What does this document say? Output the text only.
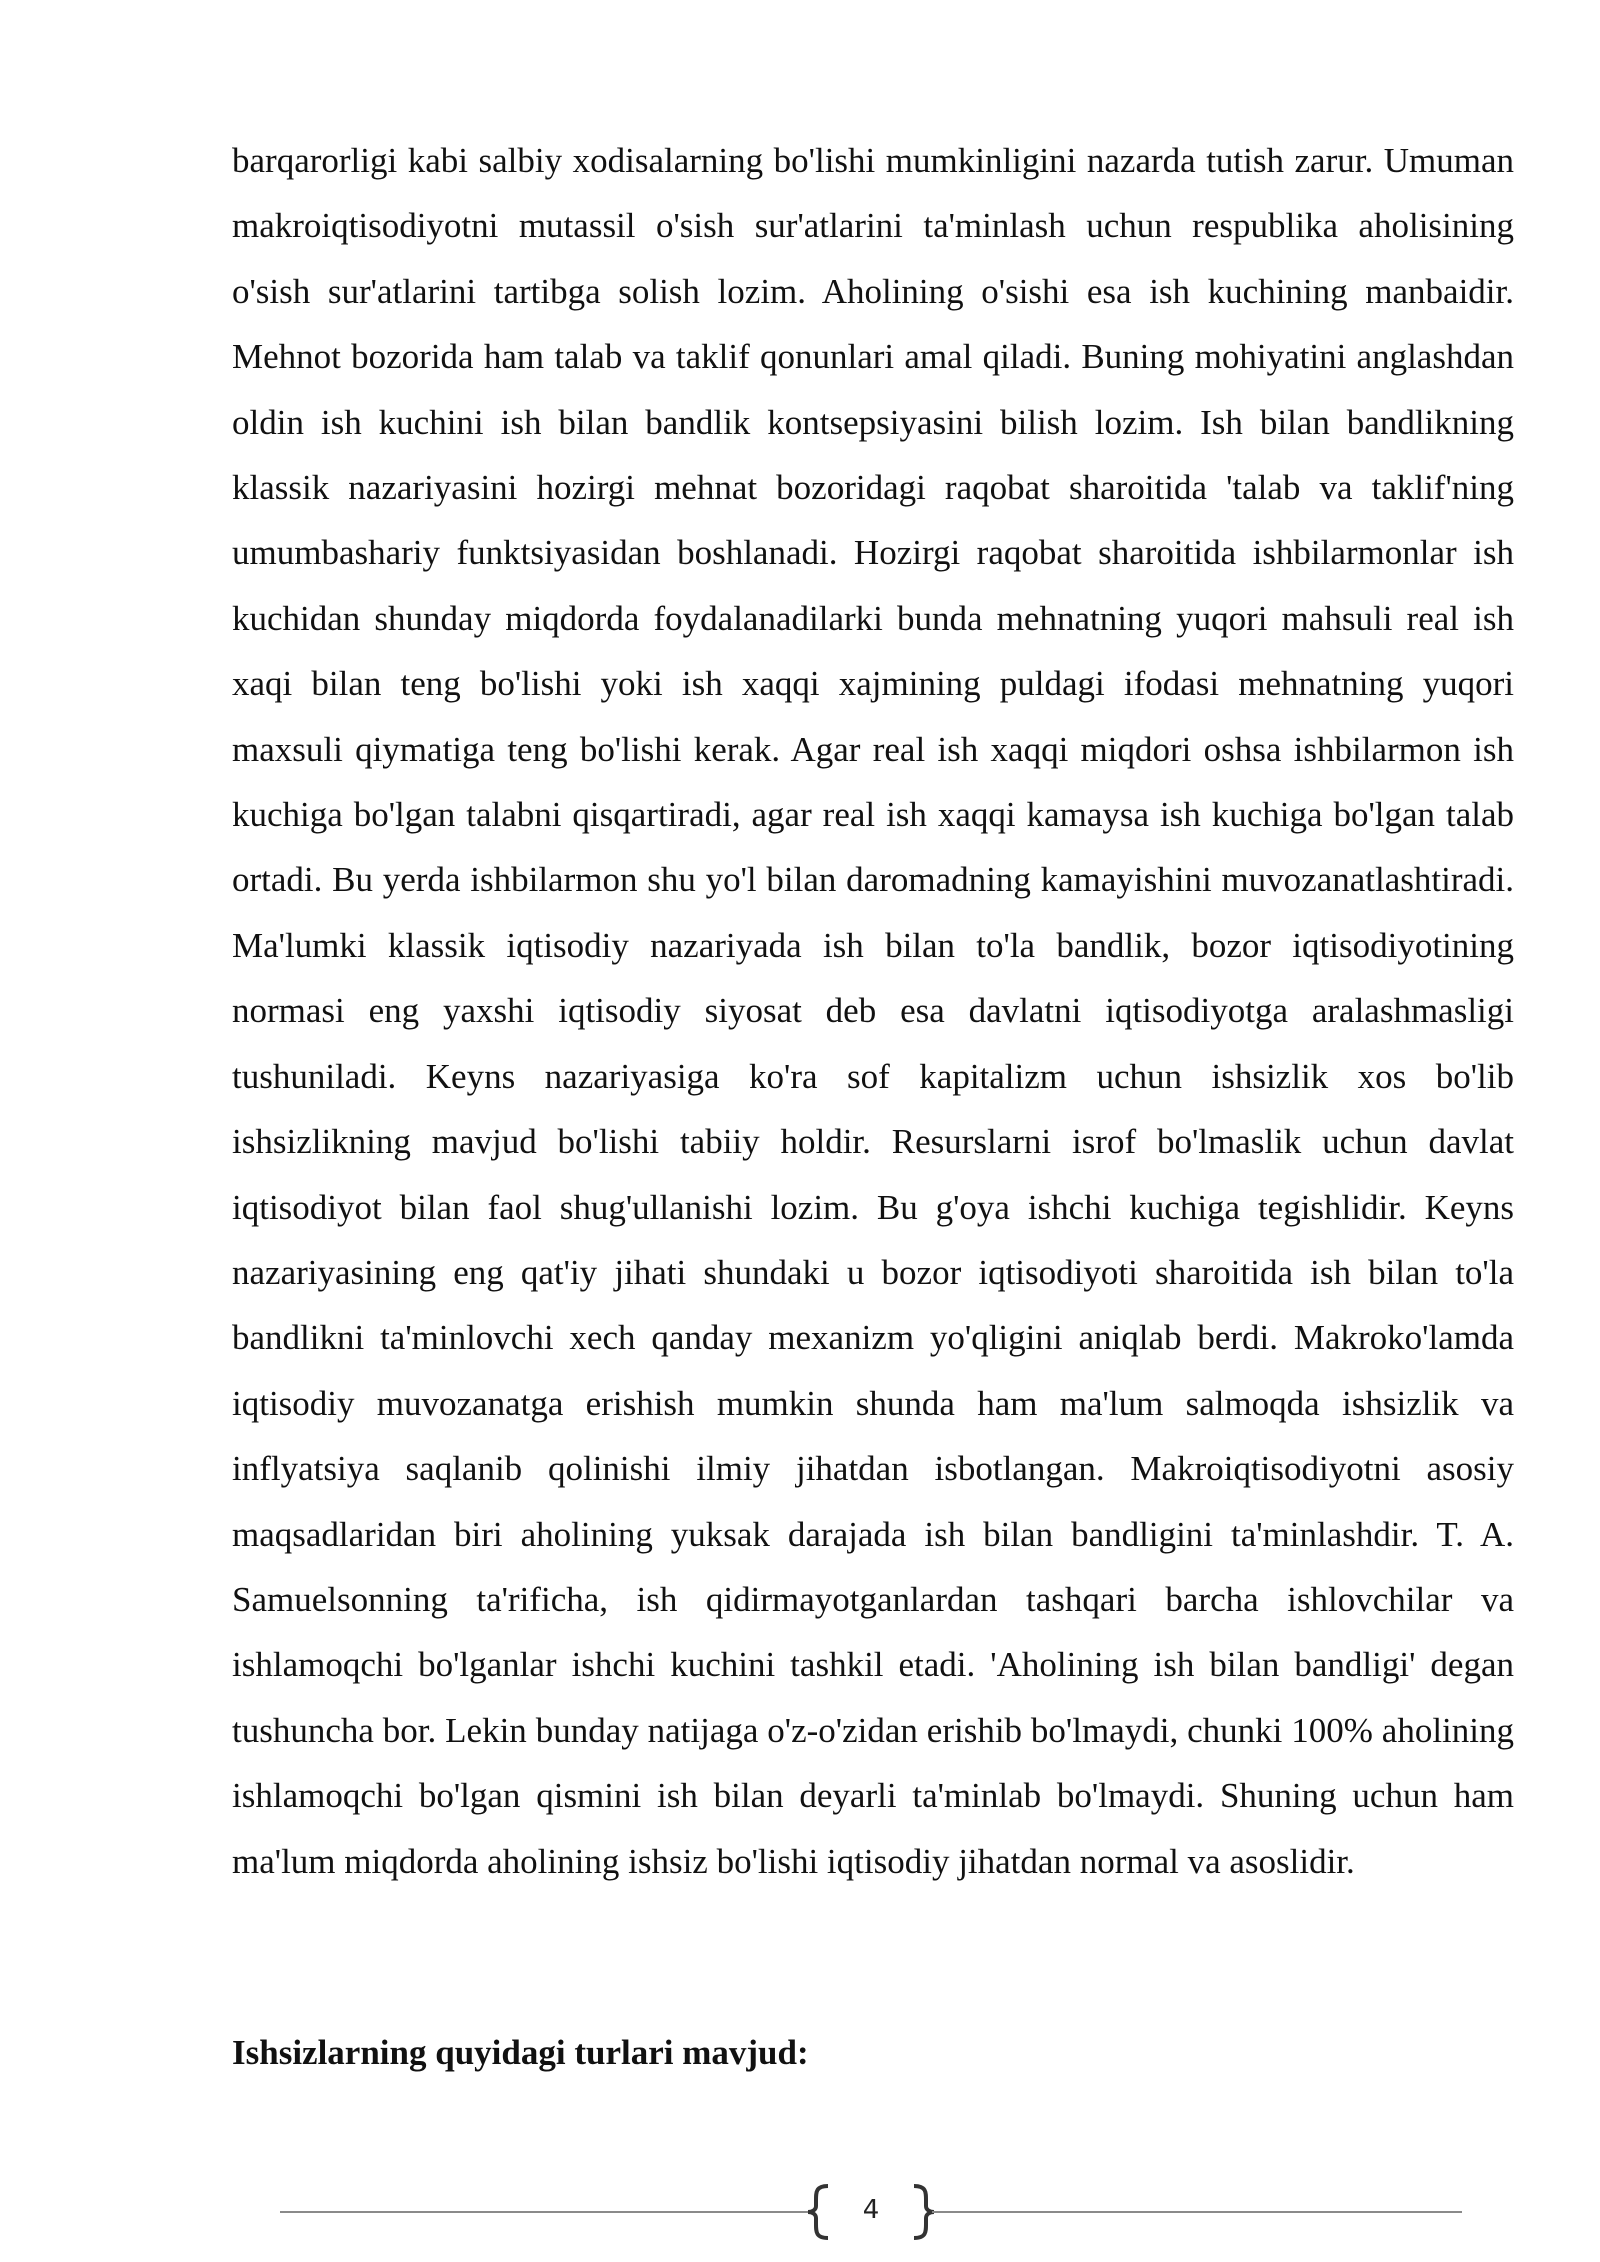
barqarorligi kabi salbiy xodisalarning bo'lishi mumkinligini nazarda tutish zarur. Umuman makroiqtisodiyotni mutassil o'sish sur'atlarini ta'minlash uchun respublika aholisining o'sish sur'atlarini tartibga solish lozim. Aholining o'sishi esa ish kuchining manbaidir. Mehnot bozorida ham talab va taklif qonunlari amal qiladi. Buning mohiyatini anglashdan oldin ish kuchini ish bilan bandlik kontsepsiyasini bilish lozim. Ish bilan bandlikning klassik nazariyasini hozirgi mehnat bozoridagi raqobat sharoitida 'talab va taklif'ning umumbashariy funktsiyasidan boshlanadi. Hozirgi raqobat sharoitida ishbilarmonlar ish kuchidan shunday miqdorda foydalanadilarki bunda mehnatning yuqori mahsuli real ish xaqi bilan teng bo'lishi yoki ish xaqqi xajmining puldagi ifodasi mehnatning yuqori maxsuli qiymatiga teng bo'lishi kerak. Agar real ish xaqqi miqdori oshsa ishbilarmon ish kuchiga bo'lgan talabni qisqartiradi, agar real ish xaqqi kamaysa ish kuchiga bo'lgan talab ortadi. Bu yerda ishbilarmon shu yo'l bilan daromadning kamayishini muvozanatlashtiradi. Ma'lumki klassik iqtisodiy nazariyada ish bilan to'la bandlik, bozor iqtisodiyotining normasi eng yaxshi iqtisodiy siyosat deb esa davlatni iqtisodiyotga aralashmasligi tushuniladi. Keyns nazariyasiga ko'ra sof kapitalizm uchun ishsizlik xos bo'lib ishsizlikning mavjud bo'lishi tabiiy holdir. Resurslarni isrof bo'lmaslik uchun davlat iqtisodiyot bilan faol shug'ullanishi lozim. Bu g'oya ishchi kuchiga tegishlidir. Keyns nazariyasining eng qat'iy jihati shundaki u bozor iqtisodiyoti sharoitida ish bilan to'la bandlikni ta'minlovchi xech qanday mexanizm yo'qligini aniqlab berdi. Makroko'lamda iqtisodiy muvozanatga erishish mumkin shunda ham ma'lum salmoqda ishsizlik va inflyatsiya saqlanib qolinishi ilmiy jihatdan isbotlangan. Makroiqtisodiyotni asosiy maqsadlaridan biri aholining yuksak darajada ish bilan bandligini ta'minlashdir. T. A. Samuelsonning ta'rificha, ish qidirmayotganlardan tashqari barcha ishlovchilar va ishlamoqchi bo'lganlar ishchi kuchini tashkil etadi. 'Aholining ish bilan bandligi' degan tushuncha bor. Lekin bunday natijaga o'z-o'zidan erishib bo'lmaydi, chunki 100% aholining ishlamoqchi bo'lgan qismini ish bilan deyarli ta'minlab bo'lmaydi. Shuning uchun ham ma'lum miqdorda aholining ishsiz bo'lishi iqtisodiy jihatdan normal va asoslidir.

Ishsizlarning quyidagi turlari mavjud:

4
